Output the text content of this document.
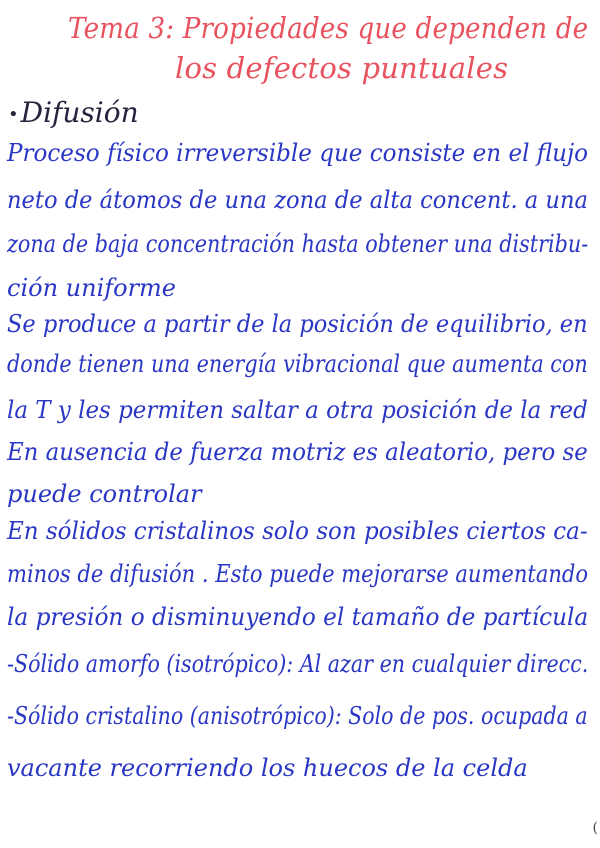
Tema 3: Propiedades que dependen de
los defectos puntuales
•Difusión
Proceso físico irreversible que consiste en el flujo
neto de átomos de una zona de alta concent. a una
zona de baja concentración hasta obtener una distribu-
ción uniforme
Se produce a partir de la posición de equilibrio, en
donde tienen una energía vibracional que aumenta con
la T y les permiten saltar a otra posición de la red
En ausencia de fuerza motriz es aleatorio, pero se
puede controlar
En sólidos cristalinos solo son posibles ciertos ca-
minos de difusión . Esto puede mejorarse aumentando
la presión o disminuyendo el tamaño de partícula
-Sólido amorfo (isotrópico): Al azar en cualquier direcc.
-Sólido cristalino (anisotrópico): Solo de pos. ocupada a
vacante recorriendo los huecos de la celda
(
